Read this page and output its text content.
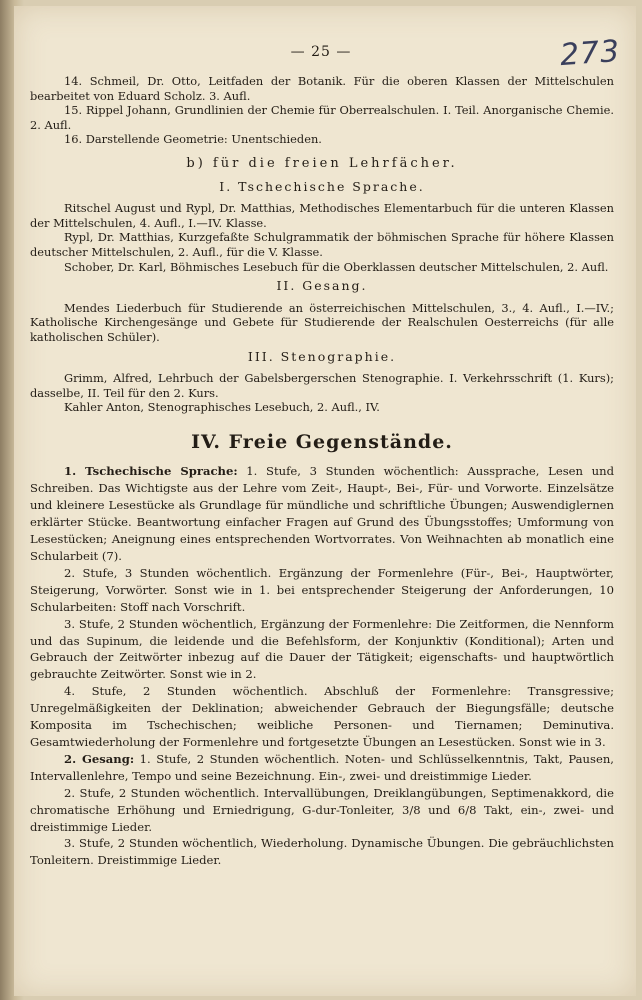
— 25 —	273

14. Schmeil, Dr. Otto, Leitfaden der Botanik. Für die oberen Klassen der Mittelschulen bearbeitet von Eduard Scholz. 3. Aufl.

15. Rippel Johann, Grundlinien der Chemie für Oberrealschulen. I. Teil. Anorganische Chemie. 2. Aufl.

16. Darstellende Geometrie: Unentschieden.

b) für die freien Lehrfächer.

I. Tschechische Sprache.

Ritschel August und Rypl, Dr. Matthias, Methodisches Elementarbuch für die unteren Klassen der Mittelschulen, 4. Aufl., I.—IV. Klasse.

Rypl, Dr. Matthias, Kurzgefaßte Schulgrammatik der böhmischen Sprache für höhere Klassen deutscher Mittelschulen, 2. Aufl., für die V. Klasse.

Schober, Dr. Karl, Böhmisches Lesebuch für die Oberklassen deutscher Mittelschulen, 2. Aufl.

II. Gesang.

Mendes Liederbuch für Studierende an österreichischen Mittelschulen, 3., 4. Aufl., I.—IV.; Katholische Kirchengesänge und Gebete für Studierende der Realschulen Oesterreichs (für alle katholischen Schüler).

III. Stenographie.

Grimm, Alfred, Lehrbuch der Gabelsbergerschen Stenographie. I. Verkehrsschrift (1. Kurs); dasselbe, II. Teil für den 2. Kurs.

Kahler Anton, Stenographisches Lesebuch, 2. Aufl., IV.

IV. Freie Gegenstände.

1. Tschechische Sprache: 1. Stufe, 3 Stunden wöchentlich: Aussprache, Lesen und Schreiben. Das Wichtigste aus der Lehre vom Zeit-, Haupt-, Bei-, Für- und Vorworte. Einzelsätze und kleinere Lesestücke als Grundlage für mündliche und schriftliche Übungen; Auswendiglernen erklärter Stücke. Beantwortung einfacher Fragen auf Grund des Übungsstoffes; Umformung von Lesestücken; Aneignung eines entsprechenden Wortvorrates. Von Weihnachten ab monatlich eine Schularbeit (7).

2. Stufe, 3 Stunden wöchentlich. Ergänzung der Formenlehre (Für-, Bei-, Hauptwörter, Steigerung, Vorwörter. Sonst wie in 1. bei entsprechender Steigerung der Anforderungen, 10 Schularbeiten: Stoff nach Vorschrift.

3. Stufe, 2 Stunden wöchentlich, Ergänzung der Formenlehre: Die Zeitformen, die Nennform und das Supinum, die leidende und die Befehlsform, der Konjunktiv (Konditional); Arten und Gebrauch der Zeitwörter inbezug auf die Dauer der Tätigkeit; eigenschafts- und hauptwörtlich gebrauchte Zeitwörter. Sonst wie in 2.

4. Stufe, 2 Stunden wöchentlich. Abschluß der Formenlehre: Transgressive; Unregelmäßigkeiten der Deklination; abweichender Gebrauch der Biegungsfälle; deutsche Komposita im Tschechischen; weibliche Personen- und Tiernamen; Deminutiva. Gesamtwiederholung der Formenlehre und fortgesetzte Übungen an Lesestücken. Sonst wie in 3.

2. Gesang: 1. Stufe, 2 Stunden wöchentlich. Noten- und Schlüsselkenntnis, Takt, Pausen, Intervallenlehre, Tempo und seine Bezeichnung. Ein-, zwei- und dreistimmige Lieder.

2. Stufe, 2 Stunden wöchentlich. Intervallübungen, Dreiklangübungen, Septimenakkord, die chromatische Erhöhung und Erniedrigung, G-dur-Tonleiter, 3/8 und 6/8 Takt, ein-, zwei- und dreistimmige Lieder.

3. Stufe, 2 Stunden wöchentlich, Wiederholung. Dynamische Übungen. Die gebräuchlichsten Tonleitern. Dreistimmige Lieder.
